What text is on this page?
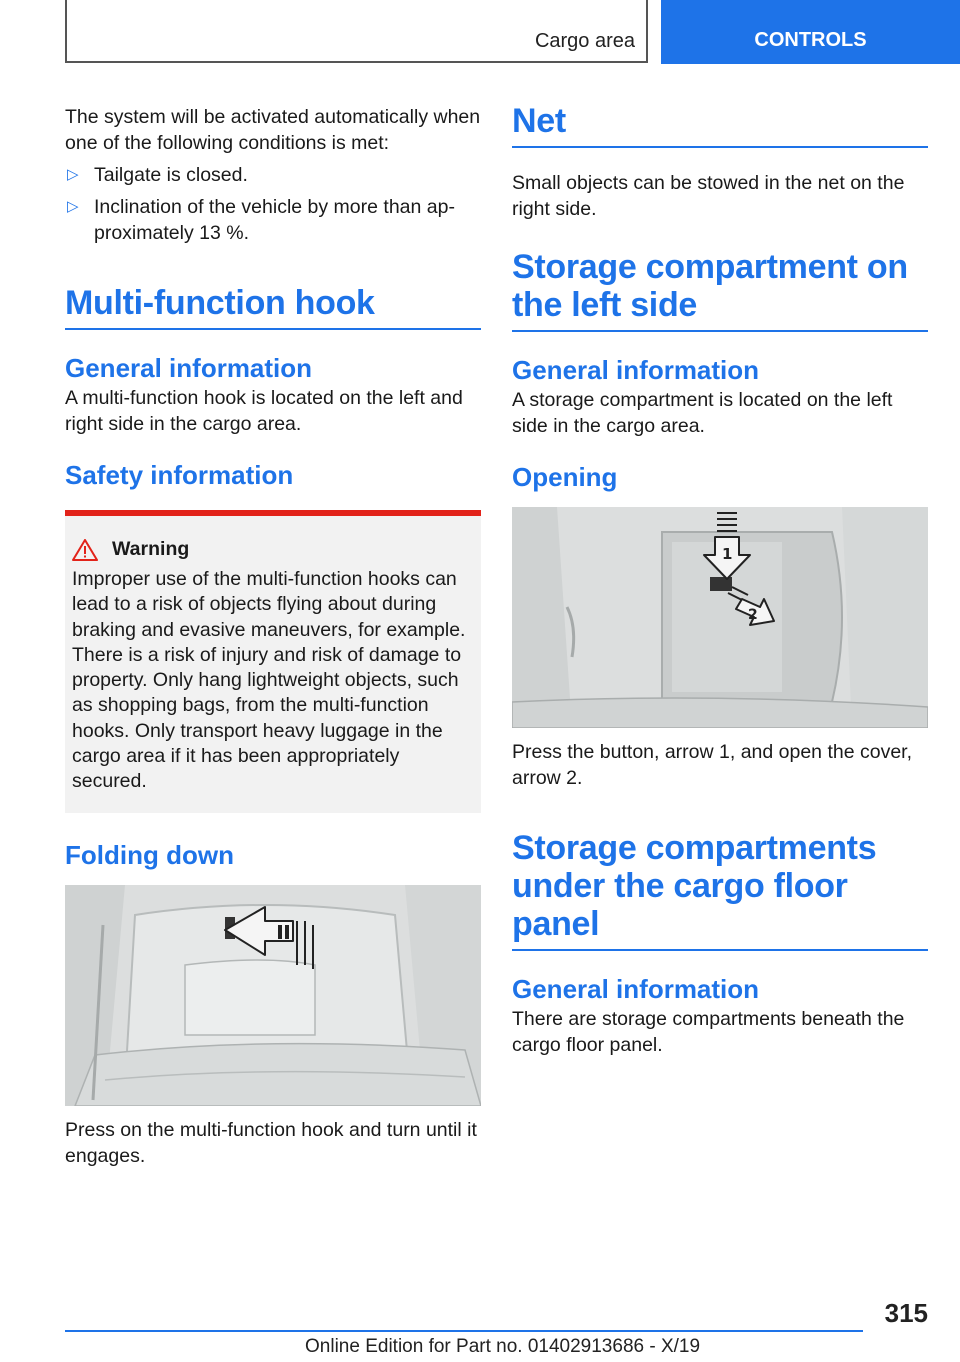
Cargo area	CONTROLS

The system will be activated automatically when one of the following conditions is met:

▷ Tailgate is closed.
▷ Inclination of the vehicle by more than approximately 13 %.
Multi-function hook
General information

A multi-function hook is located on the left and right side in the cargo area.

Safety information
Warning

Improper use of the multi-function hooks can lead to a risk of objects flying about during braking and evasive maneuvers, for example. There is a risk of injury and risk of damage to property. Only hang lightweight objects, such as shopping bags, from the multi-function hooks. Only transport heavy luggage in the cargo area if it has been appropriately secured.

Folding down

Press on the multi-function hook and turn until it engages.

Net

Small objects can be stowed in the net on the right side.

Storage compartment on the left side
General information

A storage compartment is located on the left side in the cargo area.

Opening
1
2

Press the button, arrow 1, and open the cover, arrow 2.

Storage compartments under the cargo floor panel
General information

There are storage compartments beneath the cargo floor panel.

315
Online Edition for Part no. 01402913686 - X/19
